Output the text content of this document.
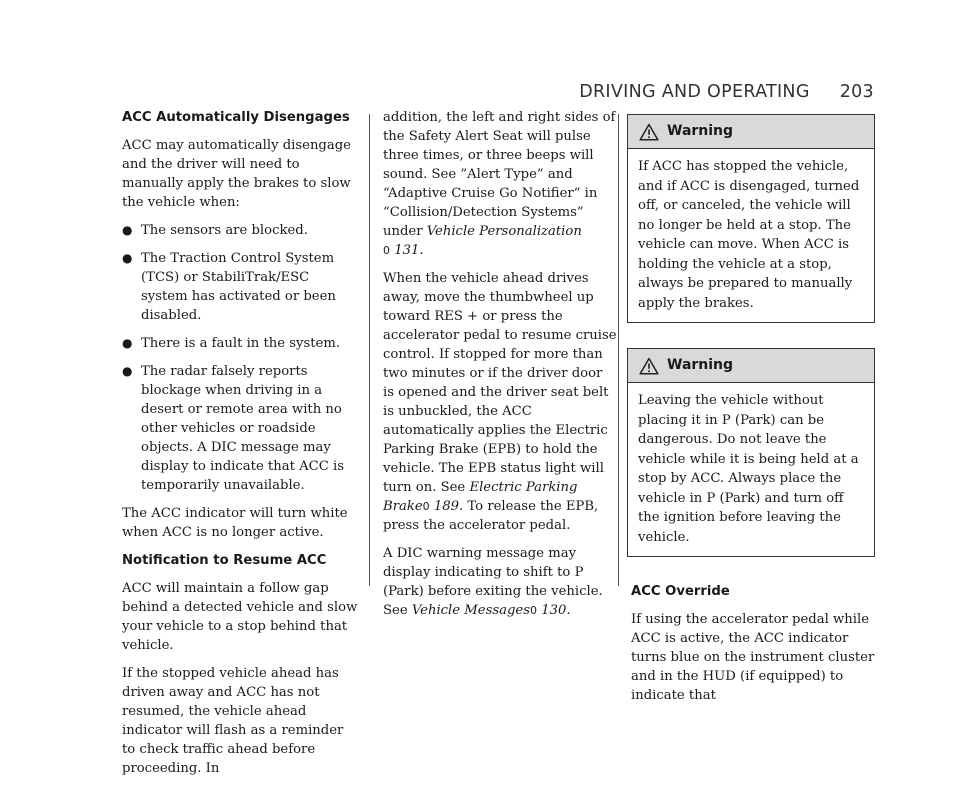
DRIVING AND OPERATING 203
ACC Automatically Disengages

ACC may automatically disengage and the driver will need to manually apply the brakes to slow the vehicle when:

● The sensors are blocked.
● The Traction Control System (TCS) or StabiliTrak/ESC system has activated or been disabled.
● There is a fault in the system.
● The radar falsely reports blockage when driving in a desert or remote area with no other vehicles or roadside objects. A DIC message may display to indicate that ACC is temporarily unavailable.

The ACC indicator will turn white when ACC is no longer active.

Notification to Resume ACC

ACC will maintain a follow gap behind a detected vehicle and slow your vehicle to a stop behind that vehicle.

If the stopped vehicle ahead has driven away and ACC has not resumed, the vehicle ahead indicator will flash as a reminder to check traffic ahead before proceeding. In

addition, the left and right sides of the Safety Alert Seat will pulse three times, or three beeps will sound. See ”Alert Type” and “Adaptive Cruise Go Notifier” in “Collision/Detection Systems” under Vehicle Personalization
0 131.

When the vehicle ahead drives away, move the thumbwheel up toward RES + or press the accelerator pedal to resume cruise control. If stopped for more than two minutes or if the driver door is opened and the driver seat belt is unbuckled, the ACC automatically applies the Electric Parking Brake (EPB) to hold the vehicle. The EPB status light will turn on. See Electric Parking Brake0 189. To release the EPB, press the accelerator pedal.

A DIC warning message may display indicating to shift to P (Park) before exiting the vehicle. See Vehicle Messages0 130.

Warning
If ACC has stopped the vehicle, and if ACC is disengaged, turned off, or canceled, the vehicle will no longer be held at a stop. The vehicle can move. When ACC is holding the vehicle at a stop, always be prepared to manually apply the brakes.
Warning
Leaving the vehicle without placing it in P (Park) can be dangerous. Do not leave the vehicle while it is being held at a stop by ACC. Always place the vehicle in P (Park) and turn off the ignition before leaving the vehicle.
ACC Override

If using the accelerator pedal while ACC is active, the ACC indicator turns blue on the instrument cluster and in the HUD (if equipped) to indicate that
